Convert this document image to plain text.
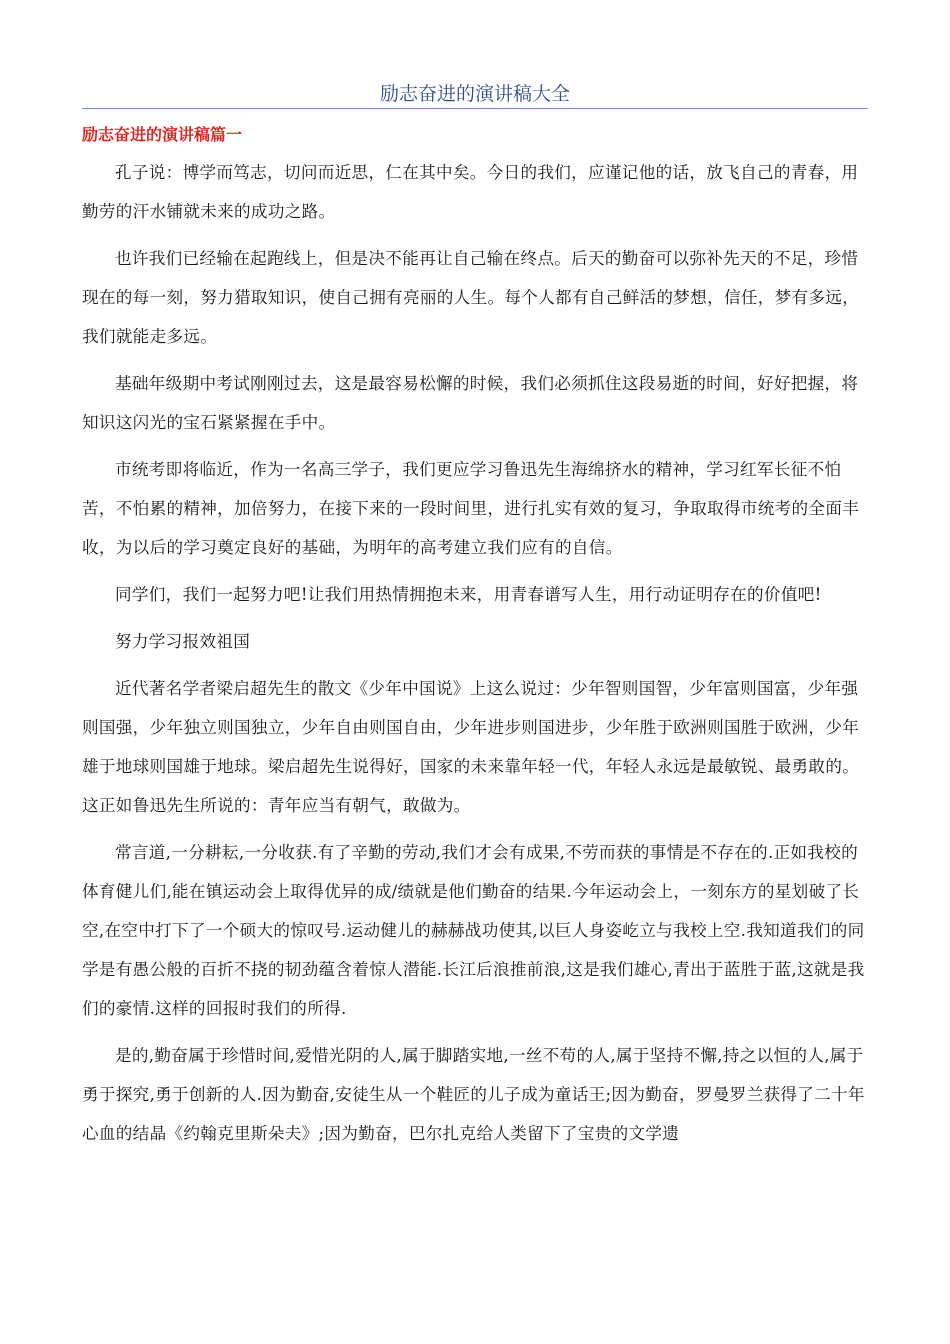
励志奋进的演讲稿大全
励志奋进的演讲稿篇一

孔子说：博学而笃志，切问而近思，仁在其中矣。今日的我们，应谨记他的话，放飞自己的青春，用勤劳的汗水铺就未来的成功之路。

也许我们已经输在起跑线上，但是决不能再让自己输在终点。后天的勤奋可以弥补先天的不足，珍惜现在的每一刻，努力猎取知识，使自己拥有亮丽的人生。每个人都有自己鲜活的梦想，信任，梦有多远，我们就能走多远。

基础年级期中考试刚刚过去，这是最容易松懈的时候，我们必须抓住这段易逝的时间，好好把握，将知识这闪光的宝石紧紧握在手中。

市统考即将临近，作为一名高三学子，我们更应学习鲁迅先生海绵挤水的精神，学习红军长征不怕苦，不怕累的精神，加倍努力，在接下来的一段时间里，进行扎实有效的复习，争取取得市统考的全面丰收，为以后的学习奠定良好的基础，为明年的高考建立我们应有的自信。

同学们，我们一起努力吧!让我们用热情拥抱未来，用青春谱写人生，用行动证明存在的价值吧!

努力学习报效祖国

近代著名学者梁启超先生的散文《少年中国说》上这么说过：少年智则国智，少年富则国富，少年强则国强，少年独立则国独立，少年自由则国自由，少年进步则国进步，少年胜于欧洲则国胜于欧洲，少年雄于地球则国雄于地球。梁启超先生说得好，国家的未来靠年轻一代，年轻人永远是最敏锐、最勇敢的。这正如鲁迅先生所说的：青年应当有朝气，敢做为。

常言道,一分耕耘,一分收获.有了辛勤的劳动,我们才会有成果,不劳而获的事情是不存在的.正如我校的体育健儿们,能在镇运动会上取得优异的成/绩就是他们勤奋的结果.今年运动会上，一刻东方的星划破了长空,在空中打下了一个硕大的惊叹号.运动健儿的赫赫战功使其,以巨人身姿屹立与我校上空.我知道我们的同学是有愚公般的百折不挠的韧劲蕴含着惊人潜能.长江后浪推前浪,这是我们雄心,青出于蓝胜于蓝,这就是我们的豪情.这样的回报时我们的所得.

是的,勤奋属于珍惜时间,爱惜光阴的人,属于脚踏实地,一丝不苟的人,属于坚持不懈,持之以恒的人,属于勇于探究,勇于创新的人.因为勤奋,安徒生从一个鞋匠的儿子成为童话王;因为勤奋，罗曼罗兰获得了二十年心血的结晶《约翰克里斯朵夫》;因为勤奋，巴尔扎克给人类留下了宝贵的文学遗
